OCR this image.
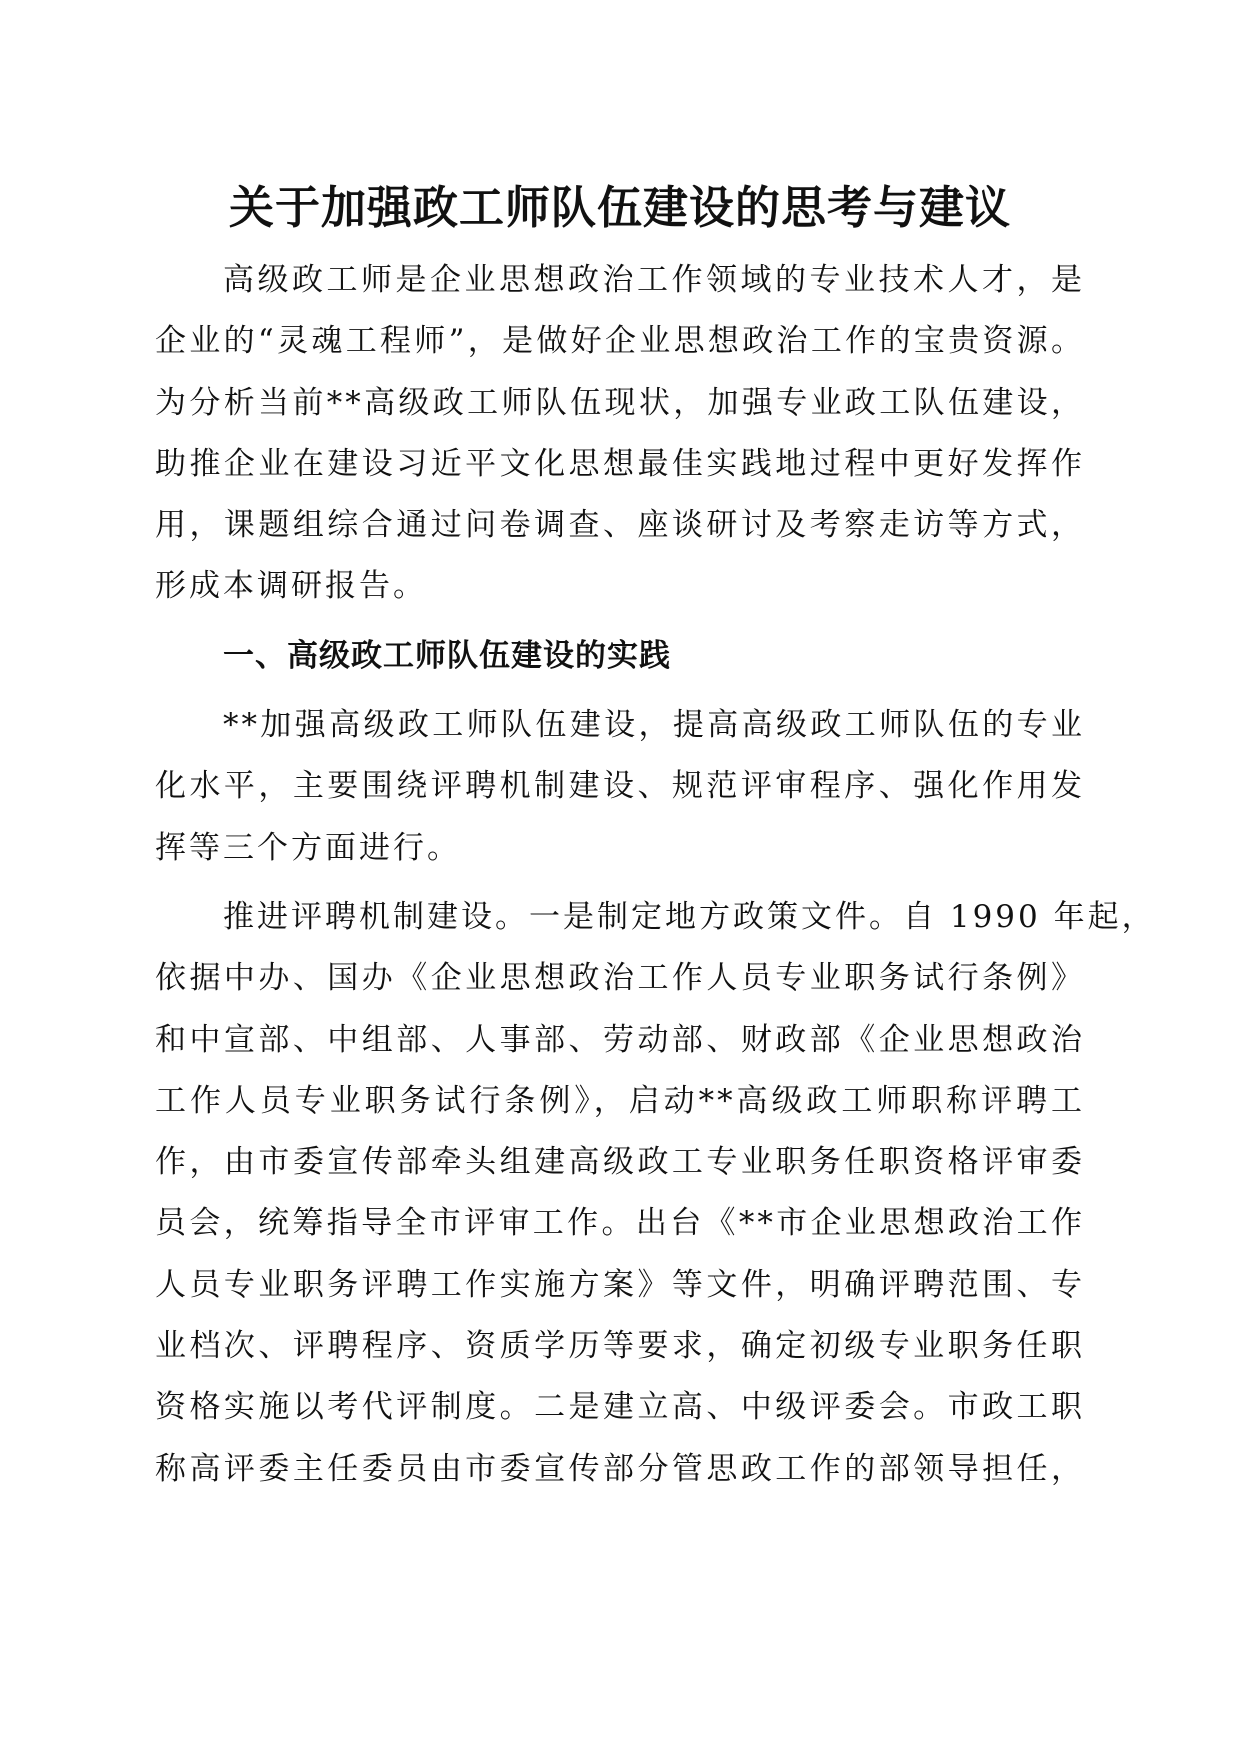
关于加强政工师队伍建设的思考与建议
高级政工师是企业思想政治工作领域的专业技术人才，是
企业的“灵魂工程师”，是做好企业思想政治工作的宝贵资源。
为分析当前**高级政工师队伍现状，加强专业政工队伍建设，
助推企业在建设习近平文化思想最佳实践地过程中更好发挥作
用，课题组综合通过问卷调查、座谈研讨及考察走访等方式，
形成本调研报告。
一、高级政工师队伍建设的实践
**加强高级政工师队伍建设，提高高级政工师队伍的专业
化水平，主要围绕评聘机制建设、规范评审程序、强化作用发
挥等三个方面进行。
推进评聘机制建设。一是制定地方政策文件。自 1990 年起，
依据中办、国办《企业思想政治工作人员专业职务试行条例》
和中宣部、中组部、人事部、劳动部、财政部《企业思想政治
工作人员专业职务试行条例》，启动**高级政工师职称评聘工
作，由市委宣传部牵头组建高级政工专业职务任职资格评审委
员会，统筹指导全市评审工作。出台《**市企业思想政治工作
人员专业职务评聘工作实施方案》等文件，明确评聘范围、专
业档次、评聘程序、资质学历等要求，确定初级专业职务任职
资格实施以考代评制度。二是建立高、中级评委会。市政工职
称高评委主任委员由市委宣传部分管思政工作的部领导担任，
